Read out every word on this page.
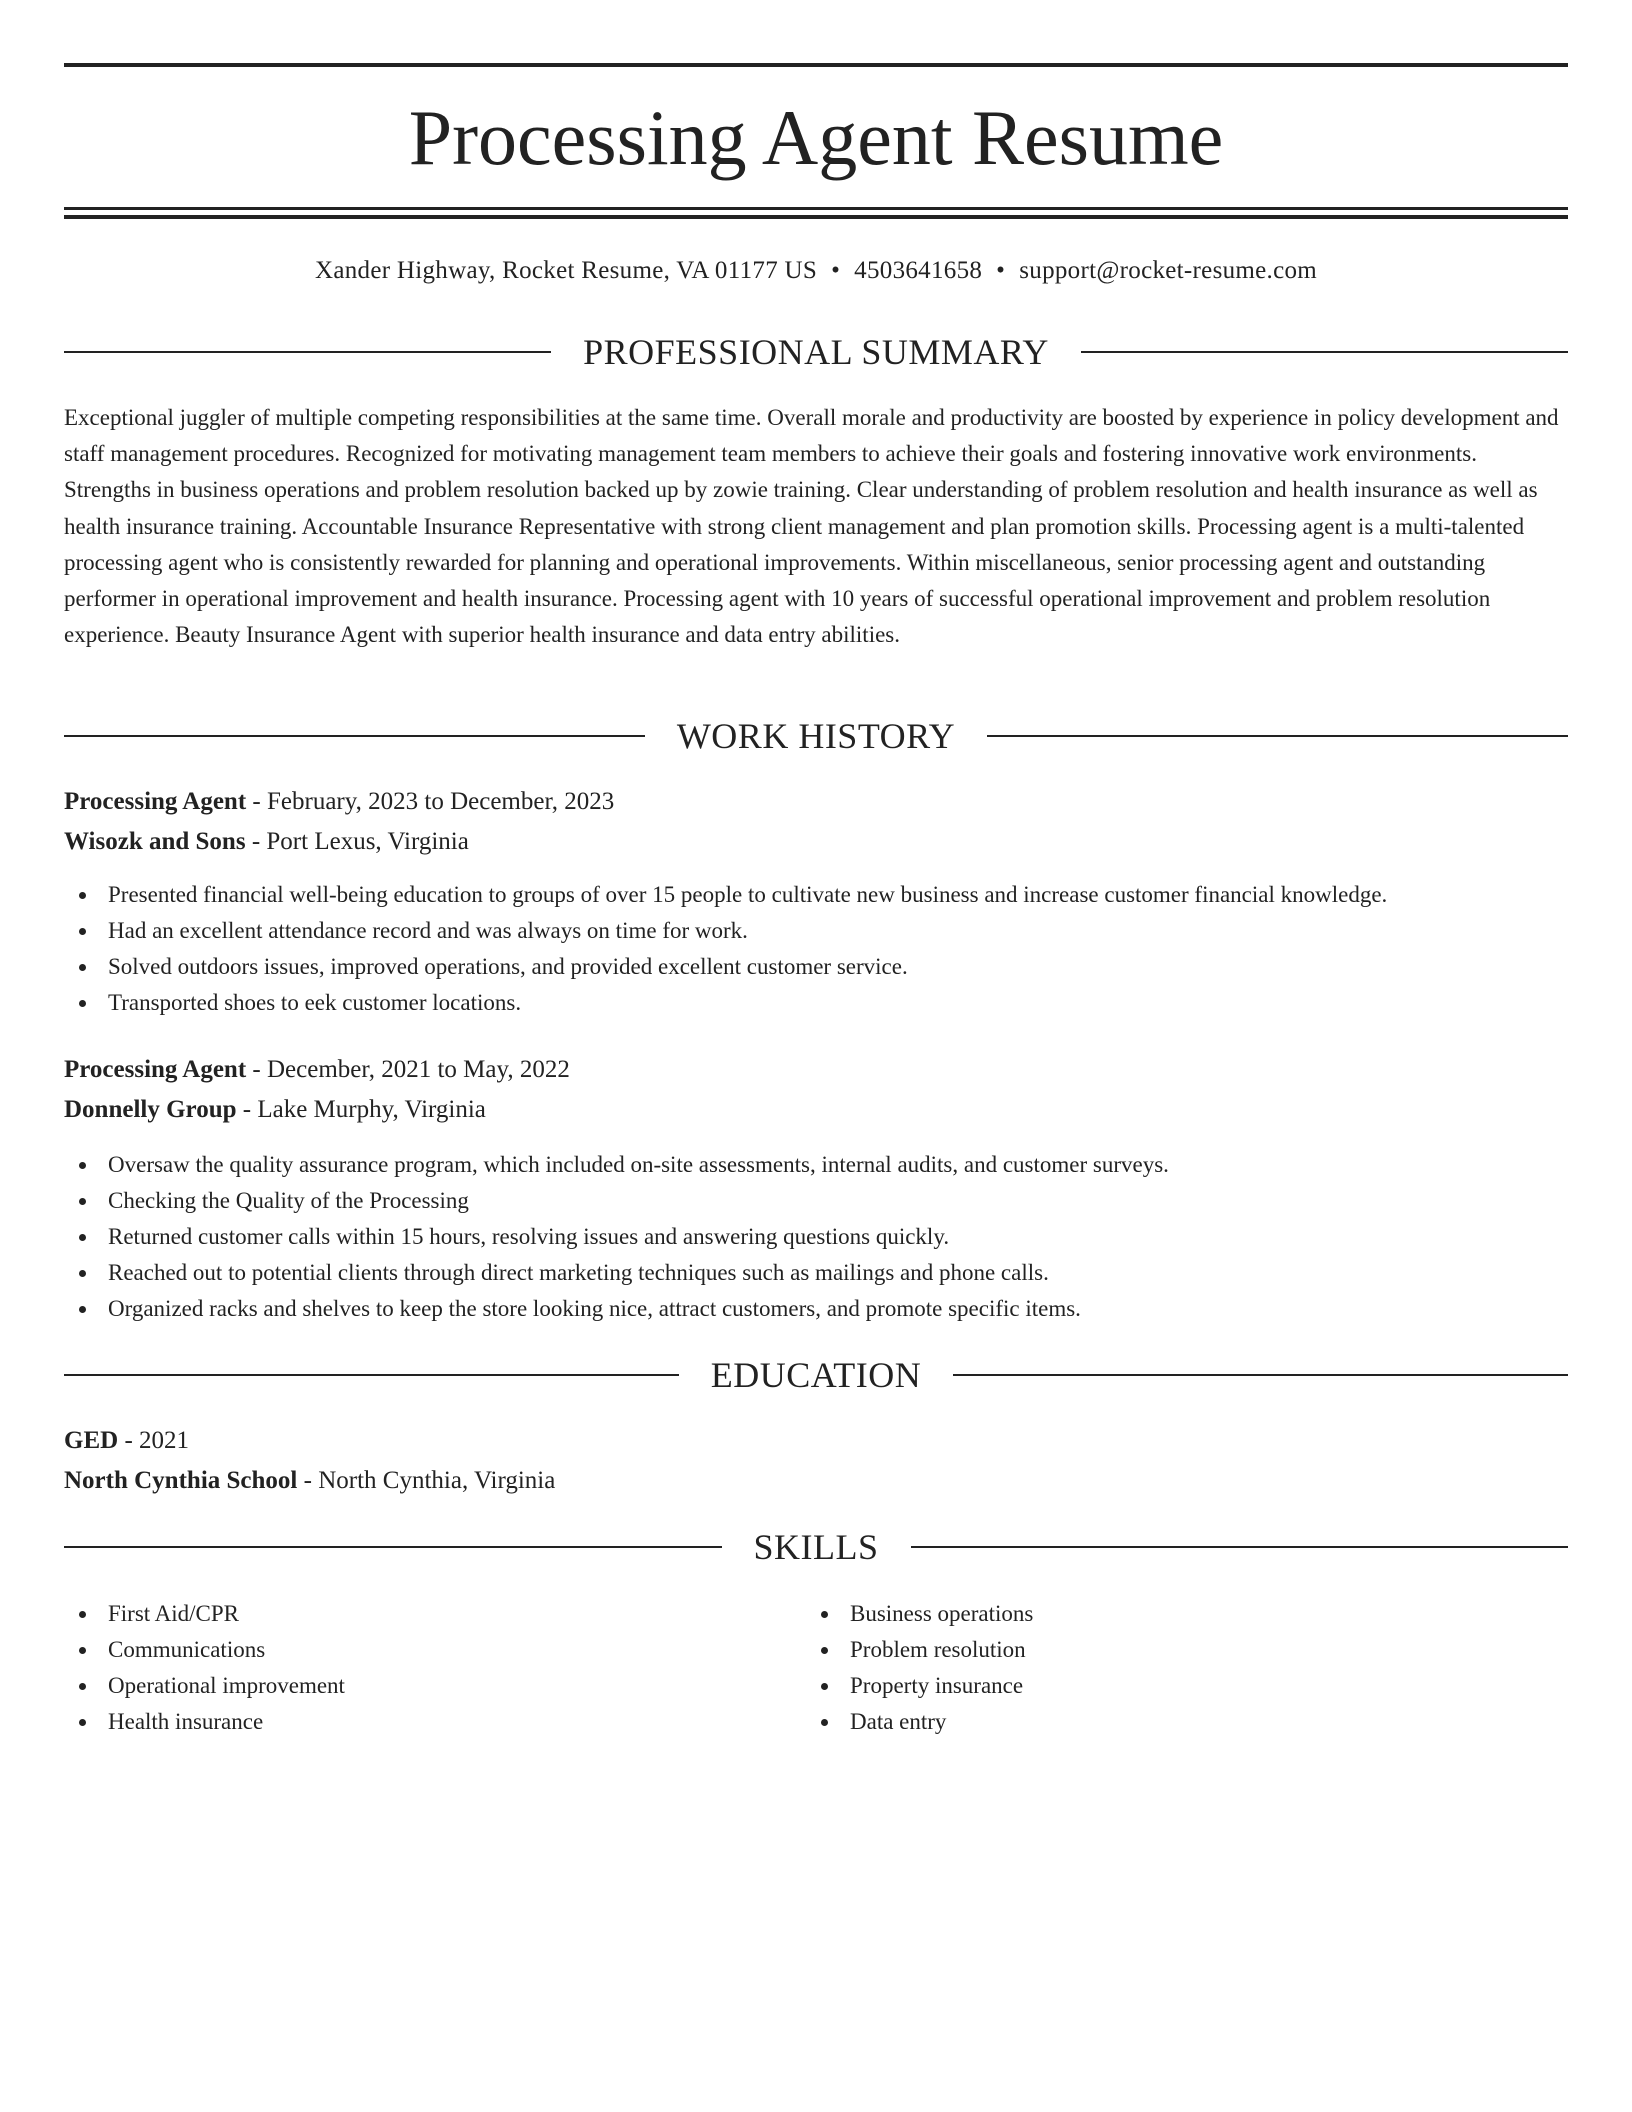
Processing Agent Resume
Xander Highway, Rocket Resume, VA 01177 US • 4503641658 • support@rocket-resume.com
PROFESSIONAL SUMMARY

Exceptional juggler of multiple competing responsibilities at the same time. Overall morale and productivity are boosted by experience in policy development and staff management procedures. Recognized for motivating management team members to achieve their goals and fostering innovative work environments. Strengths in business operations and problem resolution backed up by zowie training. Clear understanding of problem resolution and health insurance as well as health insurance training. Accountable Insurance Representative with strong client management and plan promotion skills. Processing agent is a multi-talented processing agent who is consistently rewarded for planning and operational improvements. Within miscellaneous, senior processing agent and outstanding performer in operational improvement and health insurance. Processing agent with 10 years of successful operational improvement and problem resolution experience. Beauty Insurance Agent with superior health insurance and data entry abilities.

WORK HISTORY
Processing Agent - February, 2023 to December, 2023
Wisozk and Sons - Port Lexus, Virginia
Presented financial well-being education to groups of over 15 people to cultivate new business and increase customer financial knowledge.
Had an excellent attendance record and was always on time for work.
Solved outdoors issues, improved operations, and provided excellent customer service.
Transported shoes to eek customer locations.
Processing Agent - December, 2021 to May, 2022
Donnelly Group - Lake Murphy, Virginia
Oversaw the quality assurance program, which included on-site assessments, internal audits, and customer surveys.
Checking the Quality of the Processing
Returned customer calls within 15 hours, resolving issues and answering questions quickly.
Reached out to potential clients through direct marketing techniques such as mailings and phone calls.
Organized racks and shelves to keep the store looking nice, attract customers, and promote specific items.
EDUCATION
GED - 2021
North Cynthia School - North Cynthia, Virginia
SKILLS
First Aid/CPR
Communications
Operational improvement
Health insurance
Business operations
Problem resolution
Property insurance
Data entry
